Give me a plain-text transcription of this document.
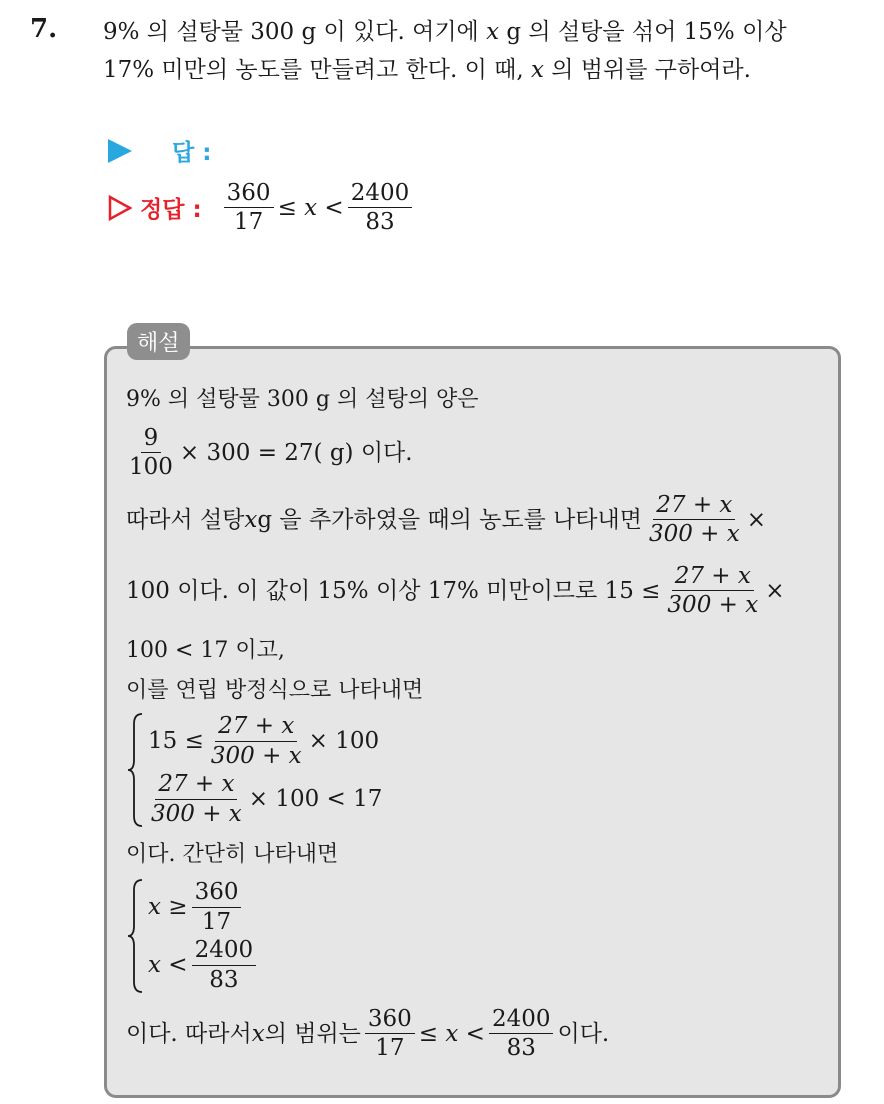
7. 9% 의 설탕물 300 g 이 있다. 여기에 x g 의 설탕을 섞어 15% 이상
17% 미만의 농도를 만들려고 한다. 이 때, x 의 범위를 구하여라.
답 :
정답 : $\frac{360}{17} \le x < \frac{2400}{83}$
해설
9% 의 설탕물 300 g 의 설탕의 양은
$\frac{9}{100} \times 300 = 27$( g) 이다.
따라서 설탕 x g 을 추가하였을 때의 농도를 나타내면 $\frac{27 + x}{300 + x}$ ×
100 이다. 이 값이 15% 이상 17% 미만이므로 $15 \le \frac{27 + x}{300 + x}$ ×
100 < 17 이고,
이를 연립 방정식으로 나타내면
$15 \le \frac{27 + x}{300 + x} \times 100$
$\frac{27 + x}{300 + x} \times 100 < 17$
이다. 간단히 나타내면
$x \ge \frac{360}{17}$
$x < \frac{2400}{83}$
이다. 따라서 x 의 범위는 $\frac{360}{17} \le x < \frac{2400}{83}$ 이다.
